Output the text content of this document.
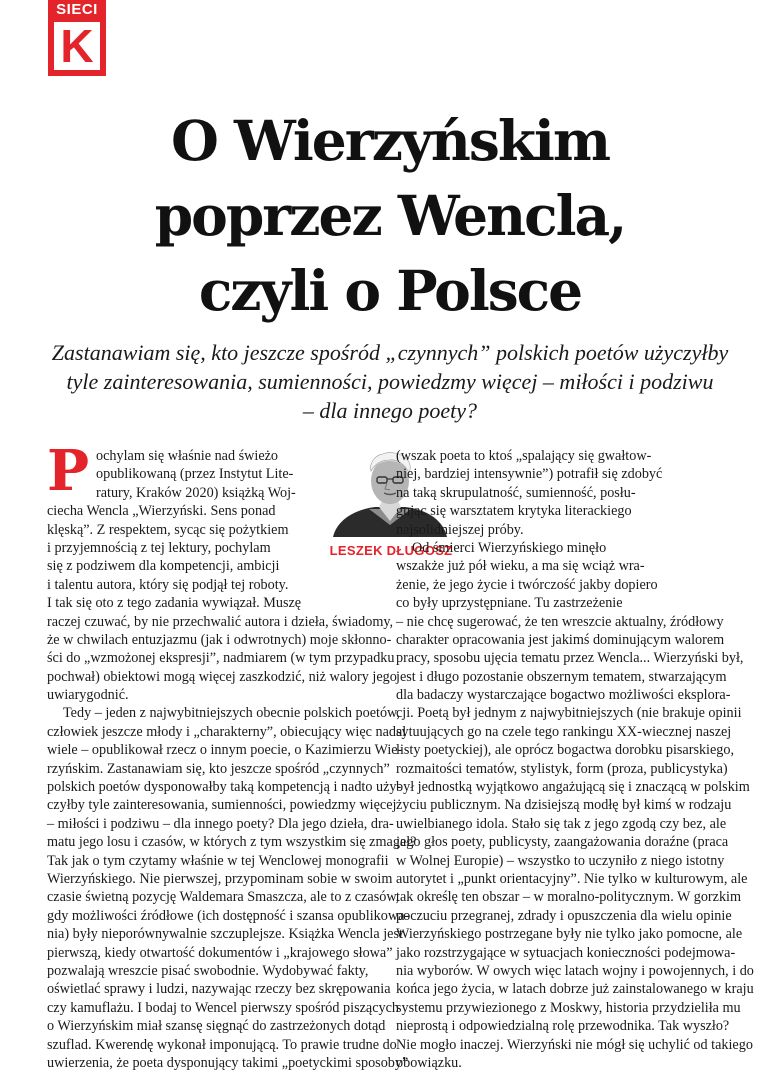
SIECI
K
O Wierzyńskim
poprzez Wencla,
czyli o Polsce
Zastanawiam się, kto jeszcze spośród „czynnych” polskich poetów użyczyłby
tyle zainteresowania, sumienności, powiedzmy więcej – miłości i podziwu
– dla innego poety?
P
LESZEK DŁUGOSZ
ochylam się właśnie nad świeżo
opublikowaną (przez Instytut Lite-
ratury, Kraków 2020) książką Woj-
ciecha Wencla „Wierzyński. Sens ponad
klęską”. Z respektem, sycąc się pożytkiem
i przyjemnością z tej lektury, pochylam
się z podziwem dla kompetencji, ambicji
i talentu autora, który się podjął tej roboty.
I tak się oto z tego zadania wywiązał. Muszę
raczej czuwać, by nie przechwalić autora i dzieła, świadomy,
że w chwilach entuzjazmu (jak i odwrotnych) moje skłonno-
ści do „wzmożonej ekspresji”, nadmiarem (w tym przypadku
pochwał) obiektowi mogą więcej zaszkodzić, niż walory jego
uwiarygodnić.
Tedy – jeden z najwybitniejszych obecnie polskich poetów,
człowiek jeszcze młody i „charakterny”, obiecujący więc nadal
wiele – opublikował rzecz o innym poecie, o Kazimierzu Wie-
rzyńskim. Zastanawiam się, kto jeszcze spośród „czynnych”
polskich poetów dysponowałby taką kompetencją i nadto uży-
czyłby tyle zainteresowania, sumienności, powiedzmy więcej
– miłości i podziwu – dla innego poety? Dla jego dzieła, dra-
matu jego losu i czasów, w których z tym wszystkim się zmagał?
Tak jak o tym czytamy właśnie w tej Wenclowej monografii
Wierzyńskiego. Nie pierwszej, przypominam sobie w swoim
czasie świetną pozycję Waldemara Smaszcza, ale to z czasów,
gdy możliwości źródłowe (ich dostępność i szansa opublikowa-
nia) były nieporównywalnie szczuplejsze. Książka Wencla jest
pierwszą, kiedy otwartość dokumentów i „krajowego słowa”
pozwalają wreszcie pisać swobodnie. Wydobywać fakty,
oświetlać sprawy i ludzi, nazywając rzeczy bez skrępowania
czy kamuflażu. I bodaj to Wencel pierwszy spośród piszących
o Wierzyńskim miał szansę sięgnąć do zastrzeżonych dotąd
szuflad. Kwerendę wykonał imponującą. To prawie trudne do
uwierzenia, że poeta dysponujący takimi „poetyckimi sposoby”
(wszak poeta to ktoś „spalający się gwałtow-
niej, bardziej intensywnie”) potrafił się zdobyć
na taką skrupulatność, sumienność, posłu-
gując się warsztatem krytyka literackiego
najsolidniejszej próby.
Od śmierci Wierzyńskiego minęło
wszakże już pół wieku, a ma się wciąż wra-
żenie, że jego życie i twórczość jakby dopiero
co były uprzystępniane. Tu zastrzeżenie
– nie chcę sugerować, że ten wreszcie aktualny, źródłowy
charakter opracowania jest jakimś dominującym walorem
pracy, sposobu ujęcia tematu przez Wencla... Wierzyński był,
jest i długo pozostanie obszernym tematem, stwarzającym
dla badaczy wystarczające bogactwo możliwości eksplora-
cji. Poetą był jednym z najwybitniejszych (nie brakuje opinii
sytuujących go na czele tego rankingu XX-wiecznej naszej
listy poetyckiej), ale oprócz bogactwa dorobku pisarskiego,
rozmaitości tematów, stylistyk, form (proza, publicystyka)
był jednostką wyjątkowo angażującą się i znaczącą w polskim
życiu publicznym. Na dzisiejszą modłę był kimś w rodzaju
uwielbianego idola. Stało się tak z jego zgodą czy bez, ale
jego głos poety, publicysty, zaangażowania doraźne (praca
w Wolnej Europie) – wszystko to uczyniło z niego istotny
autorytet i „punkt orientacyjny”. Nie tylko w kulturowym, ale
tak określę ten obszar – w moralno-politycznym. W gorzkim
poczuciu przegranej, zdrady i opuszczenia dla wielu opinie
Wierzyńskiego postrzegane były nie tylko jako pomocne, ale
jako rozstrzygające w sytuacjach konieczności podejmowa-
nia wyborów. W owych więc latach wojny i powojennych, i do
końca jego życia, w latach dobrze już zainstalowanego w kraju
systemu przywiezionego z Moskwy, historia przydzieliła mu
nieprostą i odpowiedzialną rolę przewodnika. Tak wyszło?
Nie mogło inaczej. Wierzyński nie mógł się uchylić od takiego
obowiązku.
